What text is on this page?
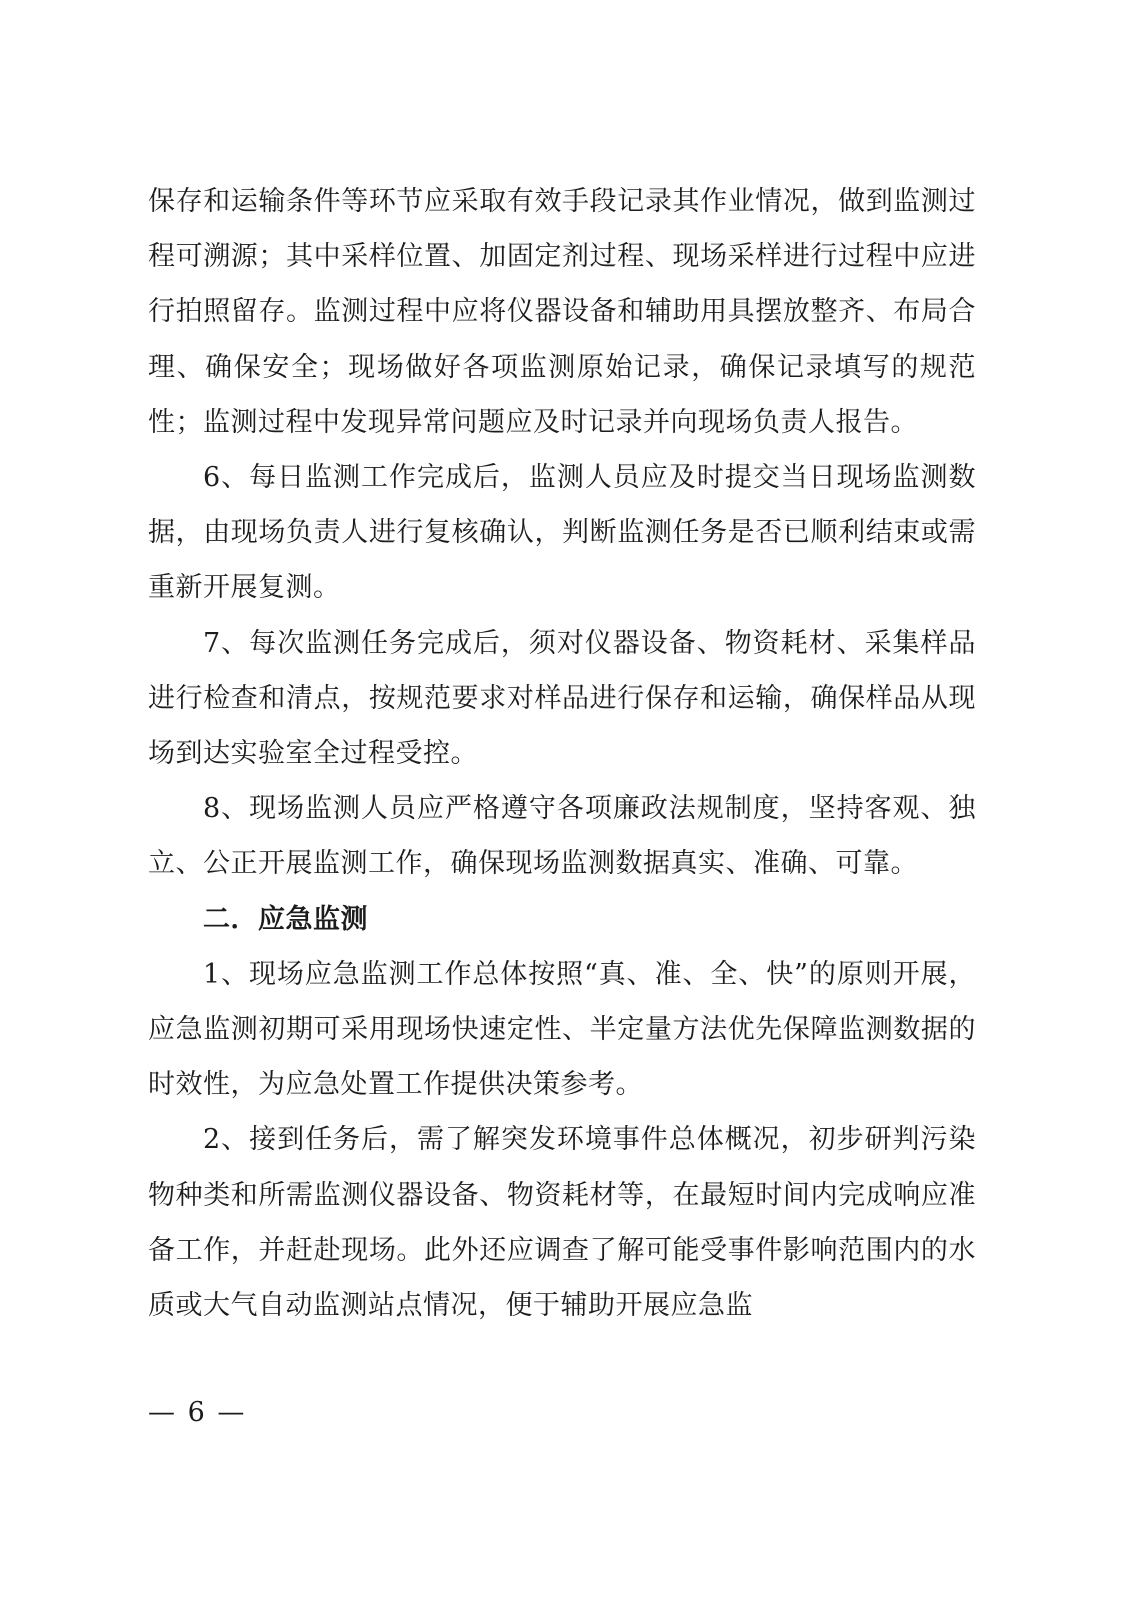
保存和运输条件等环节应采取有效手段记录其作业情况，做到监测过程可溯源；其中采样位置、加固定剂过程、现场采样进行过程中应进行拍照留存。监测过程中应将仪器设备和辅助用具摆放整齐、布局合理、确保安全；现场做好各项监测原始记录，确保记录填写的规范性；监测过程中发现异常问题应及时记录并向现场负责人报告。

6、每日监测工作完成后，监测人员应及时提交当日现场监测数据，由现场负责人进行复核确认，判断监测任务是否已顺利结束或需重新开展复测。

7、每次监测任务完成后，须对仪器设备、物资耗材、采集样品进行检查和清点，按规范要求对样品进行保存和运输，确保样品从现场到达实验室全过程受控。

8、现场监测人员应严格遵守各项廉政法规制度，坚持客观、独立、公正开展监测工作，确保现场监测数据真实、准确、可靠。

二．应急监测

1、现场应急监测工作总体按照“真、准、全、快”的原则开展，应急监测初期可采用现场快速定性、半定量方法优先保障监测数据的时效性，为应急处置工作提供决策参考。

2、接到任务后，需了解突发环境事件总体概况，初步研判污染物种类和所需监测仪器设备、物资耗材等，在最短时间内完成响应准备工作，并赶赴现场。此外还应调查了解可能受事件影响范围内的水质或大气自动监测站点情况，便于辅助开展应急监

— 6 —
